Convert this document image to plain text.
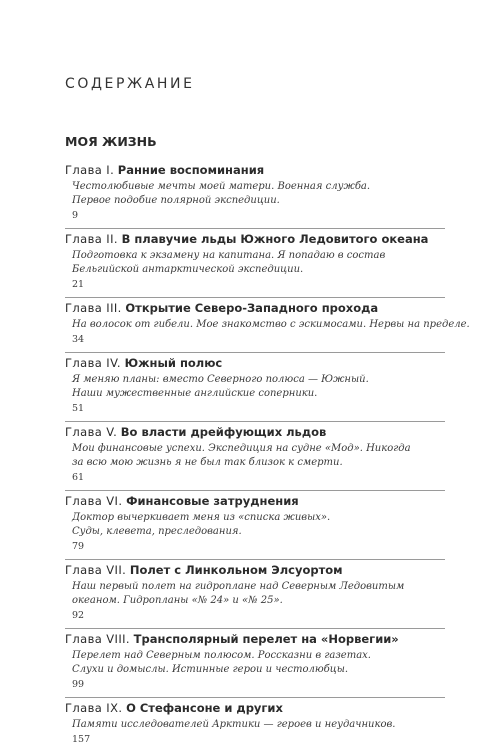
СОДЕРЖАНИЕ
МОЯ ЖИЗНЬ
Глава I. Ранние воспоминания
Честолюбивые мечты моей матери. Военная служба.
Первое подобие полярной экспедиции.
9
Глава II. В плавучие льды Южного Ледовитого океана
Подготовка к экзамену на капитана. Я попадаю в состав
Бельгийской антарктической экспедиции.
21
Глава III. Открытие Северо-Западного прохода
На волосок от гибели. Мое знакомство с эскимосами. Нервы на пределе.
34
Глава IV. Южный полюс
Я меняю планы: вместо Северного полюса — Южный.
Наши мужественные английские соперники.
51
Глава V. Во власти дрейфующих льдов
Мои финансовые успехи. Экспедиция на судне «Мод». Никогда
за всю мою жизнь я не был так близок к смерти.
61
Глава VI. Финансовые затруднения
Доктор вычеркивает меня из «списка живых».
Суды, клевета, преследования.
79
Глава VII. Полет с Линкольном Элсуортом
Наш первый полет на гидроплане над Северным Ледовитым
океаном. Гидропланы «№ 24» и «№ 25».
92
Глава VIII. Трансполярный перелет на «Норвегии»
Перелет над Северным полюсом. Россказни в газетах.
Слухи и домыслы. Истинные герои и честолюбцы.
99
Глава IX. О Стефансоне и других
Памяти исследователей Арктики — героев и неудачников.
157
